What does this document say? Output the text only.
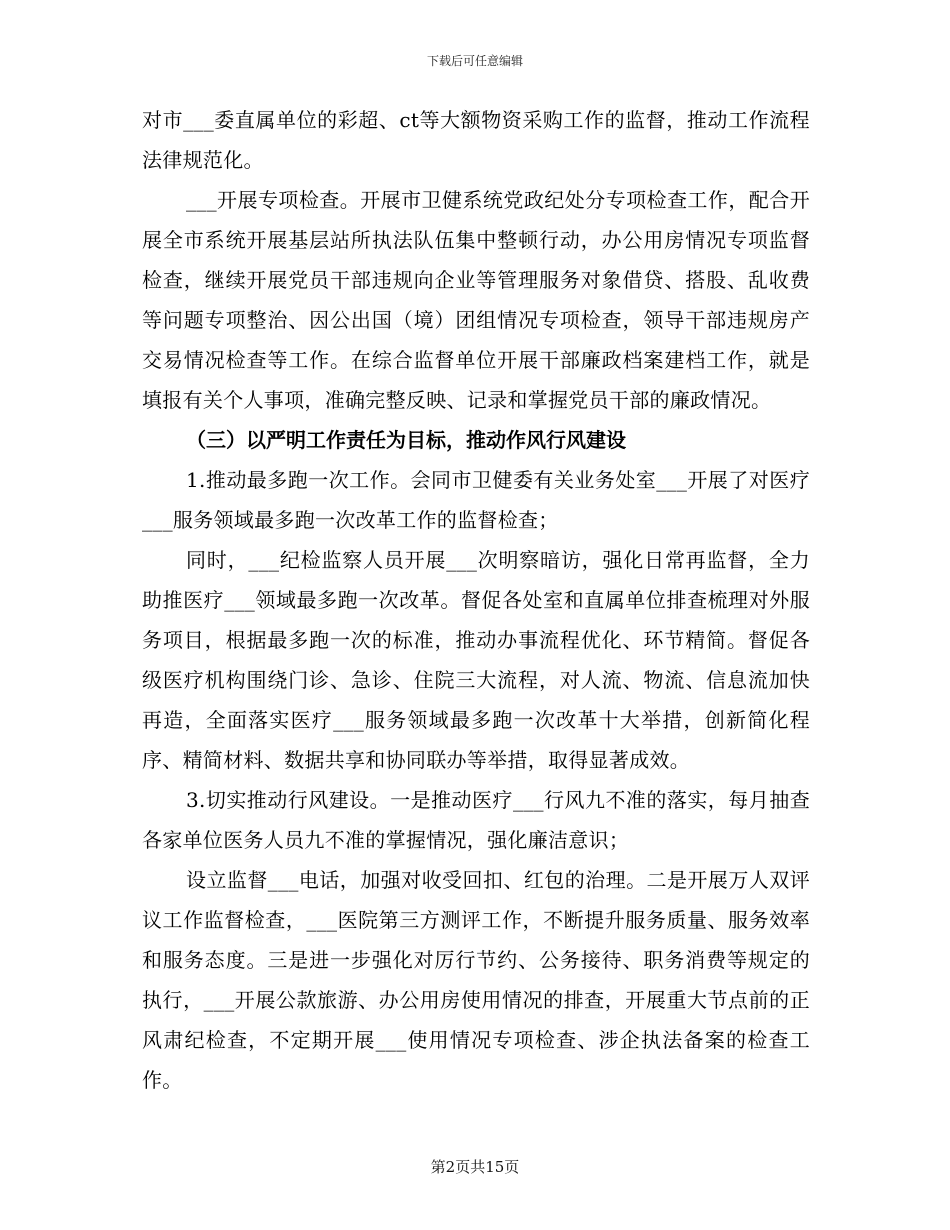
下载后可任意编辑

对市___委直属单位的彩超、ct等大额物资采购工作的监督，推动工作流程法律规范化。

___开展专项检查。开展市卫健系统党政纪处分专项检查工作，配合开展全市系统开展基层站所执法队伍集中整顿行动，办公用房情况专项监督检查，继续开展党员干部违规向企业等管理服务对象借贷、搭股、乱收费等问题专项整治、因公出国（境）团组情况专项检查，领导干部违规房产交易情况检查等工作。在综合监督单位开展干部廉政档案建档工作，就是填报有关个人事项，准确完整反映、记录和掌握党员干部的廉政情况。

（三）以严明工作责任为目标，推动作风行风建设

1.推动最多跑一次工作。会同市卫健委有关业务处室___开展了对医疗___服务领域最多跑一次改革工作的监督检查；

同时，___纪检监察人员开展___次明察暗访，强化日常再监督，全力助推医疗___领域最多跑一次改革。督促各处室和直属单位排查梳理对外服务项目，根据最多跑一次的标准，推动办事流程优化、环节精简。督促各级医疗机构围绕门诊、急诊、住院三大流程，对人流、物流、信息流加快再造，全面落实医疗___服务领域最多跑一次改革十大举措，创新简化程序、精简材料、数据共享和协同联办等举措，取得显著成效。

3.切实推动行风建设。一是推动医疗___行风九不准的落实，每月抽查各家单位医务人员九不准的掌握情况，强化廉洁意识；

设立监督___电话，加强对收受回扣、红包的治理。二是开展万人双评议工作监督检查，___医院第三方测评工作，不断提升服务质量、服务效率和服务态度。三是进一步强化对厉行节约、公务接待、职务消费等规定的执行，___开展公款旅游、办公用房使用情况的排查，开展重大节点前的正风肃纪检查，不定期开展___使用情况专项检查、涉企执法备案的检查工作。

第2页共15页
